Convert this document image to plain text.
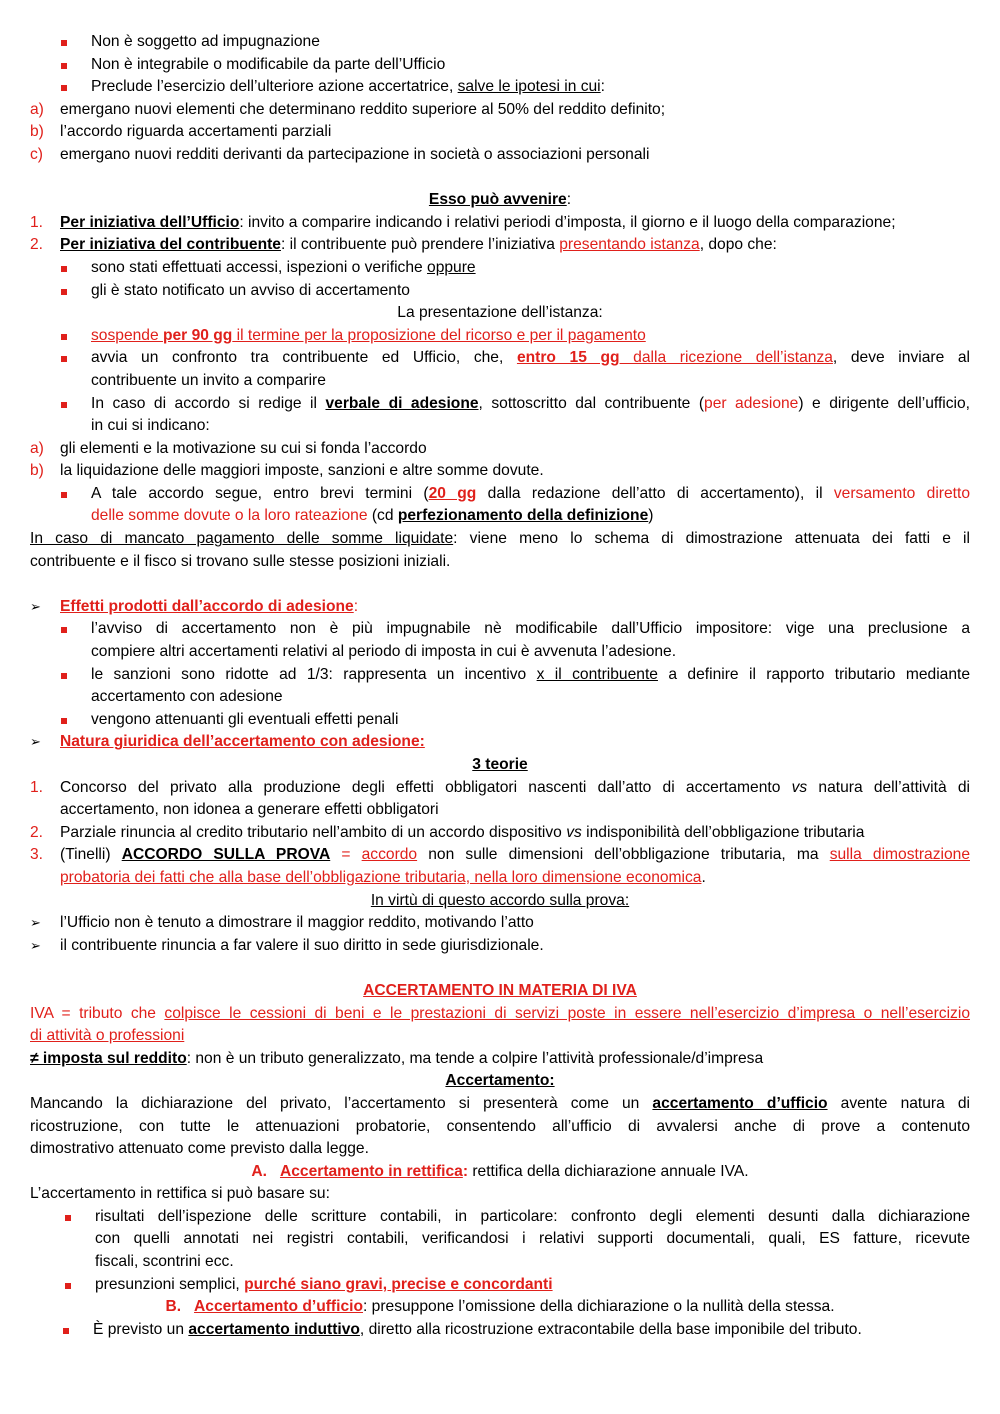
Non è soggetto ad impugnazione
Non è integrabile o modificabile da parte dell’Ufficio
Preclude l’esercizio dell’ulteriore azione accertatrice, salve le ipotesi in cui:
a)	emergano nuovi elementi che determinano reddito superiore al 50% del reddito definito;
b)	l’accordo riguarda accertamenti parziali
c)	emergano nuovi redditi derivanti da partecipazione in società o associazioni personali
Esso può avvenire:
1.	Per iniziativa dell’Ufficio: invito a comparire indicando i relativi periodi d’imposta, il giorno e il luogo della comparazione;
2.	Per iniziativa del contribuente: il contribuente può prendere l’iniziativa presentando istanza, dopo che:
sono stati effettuati accessi, ispezioni o verifiche oppure
gli è stato notificato un avviso di accertamento
La presentazione dell’istanza:
sospende per 90 gg il termine per la proposizione del ricorso e per il pagamento
avvia un confronto tra contribuente ed Ufficio, che, entro 15 gg dalla ricezione dell’istanza, deve inviare al
contribuente un invito a comparire
In caso di accordo si redige il verbale di adesione, sottoscritto dal contribuente (per adesione) e dirigente dell’ufficio,
in cui si indicano:
a)	gli elementi e la motivazione su cui si fonda l’accordo
b)	la liquidazione delle maggiori imposte, sanzioni e altre somme dovute.
A tale accordo segue, entro brevi termini (20 gg dalla redazione dell’atto di accertamento), il versamento diretto
delle somme dovute o la loro rateazione (cd perfezionamento della definizione)
In caso di mancato pagamento delle somme liquidate: viene meno lo schema di dimostrazione attenuata dei fatti e il
contribuente e il fisco si trovano sulle stesse posizioni iniziali.
➢	Effetti prodotti dall’accordo di adesione:
l’avviso di accertamento non è più impugnabile nè modificabile dall’Ufficio impositore: vige una preclusione a
compiere altri accertamenti relativi al periodo di imposta in cui è avvenuta l’adesione.
le sanzioni sono ridotte ad 1/3: rappresenta un incentivo x il contribuente a definire il rapporto tributario mediante
accertamento con adesione
vengono attenuanti gli eventuali effetti penali
➢	Natura giuridica dell’accertamento con adesione:
3 teorie
1.	Concorso del privato alla produzione degli effetti obbligatori nascenti dall’atto di accertamento vs natura dell’attività di
accertamento, non idonea a generare effetti obbligatori
2.	Parziale rinuncia al credito tributario nell’ambito di un accordo dispositivo vs indisponibilità dell’obbligazione tributaria
3.	(Tinelli) ACCORDO SULLA PROVA = accordo non sulle dimensioni dell’obbligazione tributaria, ma sulla dimostrazione
probatoria dei fatti che alla base dell’obbligazione tributaria, nella loro dimensione economica.
In virtù di questo accordo sulla prova:
➢	l’Ufficio non è tenuto a dimostrare il maggior reddito, motivando l’atto
➢	il contribuente rinuncia a far valere il suo diritto in sede giurisdizionale.
ACCERTAMENTO IN MATERIA DI IVA
IVA = tributo che colpisce le cessioni di beni e le prestazioni di servizi poste in essere nell’esercizio d’impresa o nell’esercizio
di attività o professioni
≠ imposta sul reddito: non è un tributo generalizzato, ma tende a colpire l’attività professionale/d’impresa
Accertamento:
Mancando la dichiarazione del privato, l’accertamento si presenterà come un accertamento d’ufficio avente natura di
ricostruzione, con tutte le attenuazioni probatorie, consentendo all’ufficio di avvalersi anche di prove a contenuto
dimostrativo attenuato come previsto dalla legge.
A. Accertamento in rettifica: rettifica della dichiarazione annuale IVA.
L’accertamento in rettifica si può basare su:
risultati dell’ispezione delle scritture contabili, in particolare: confronto degli elementi desunti dalla dichiarazione
con quelli annotati nei registri contabili, verificandosi i relativi supporti documentali, quali, ES fatture, ricevute
fiscali, scontrini ecc.
presunzioni semplici, purché siano gravi, precise e concordanti
B. Accertamento d’ufficio: presuppone l’omissione della dichiarazione o la nullità della stessa.
È previsto un accertamento induttivo, diretto alla ricostruzione extracontabile della base imponibile del tributo.
